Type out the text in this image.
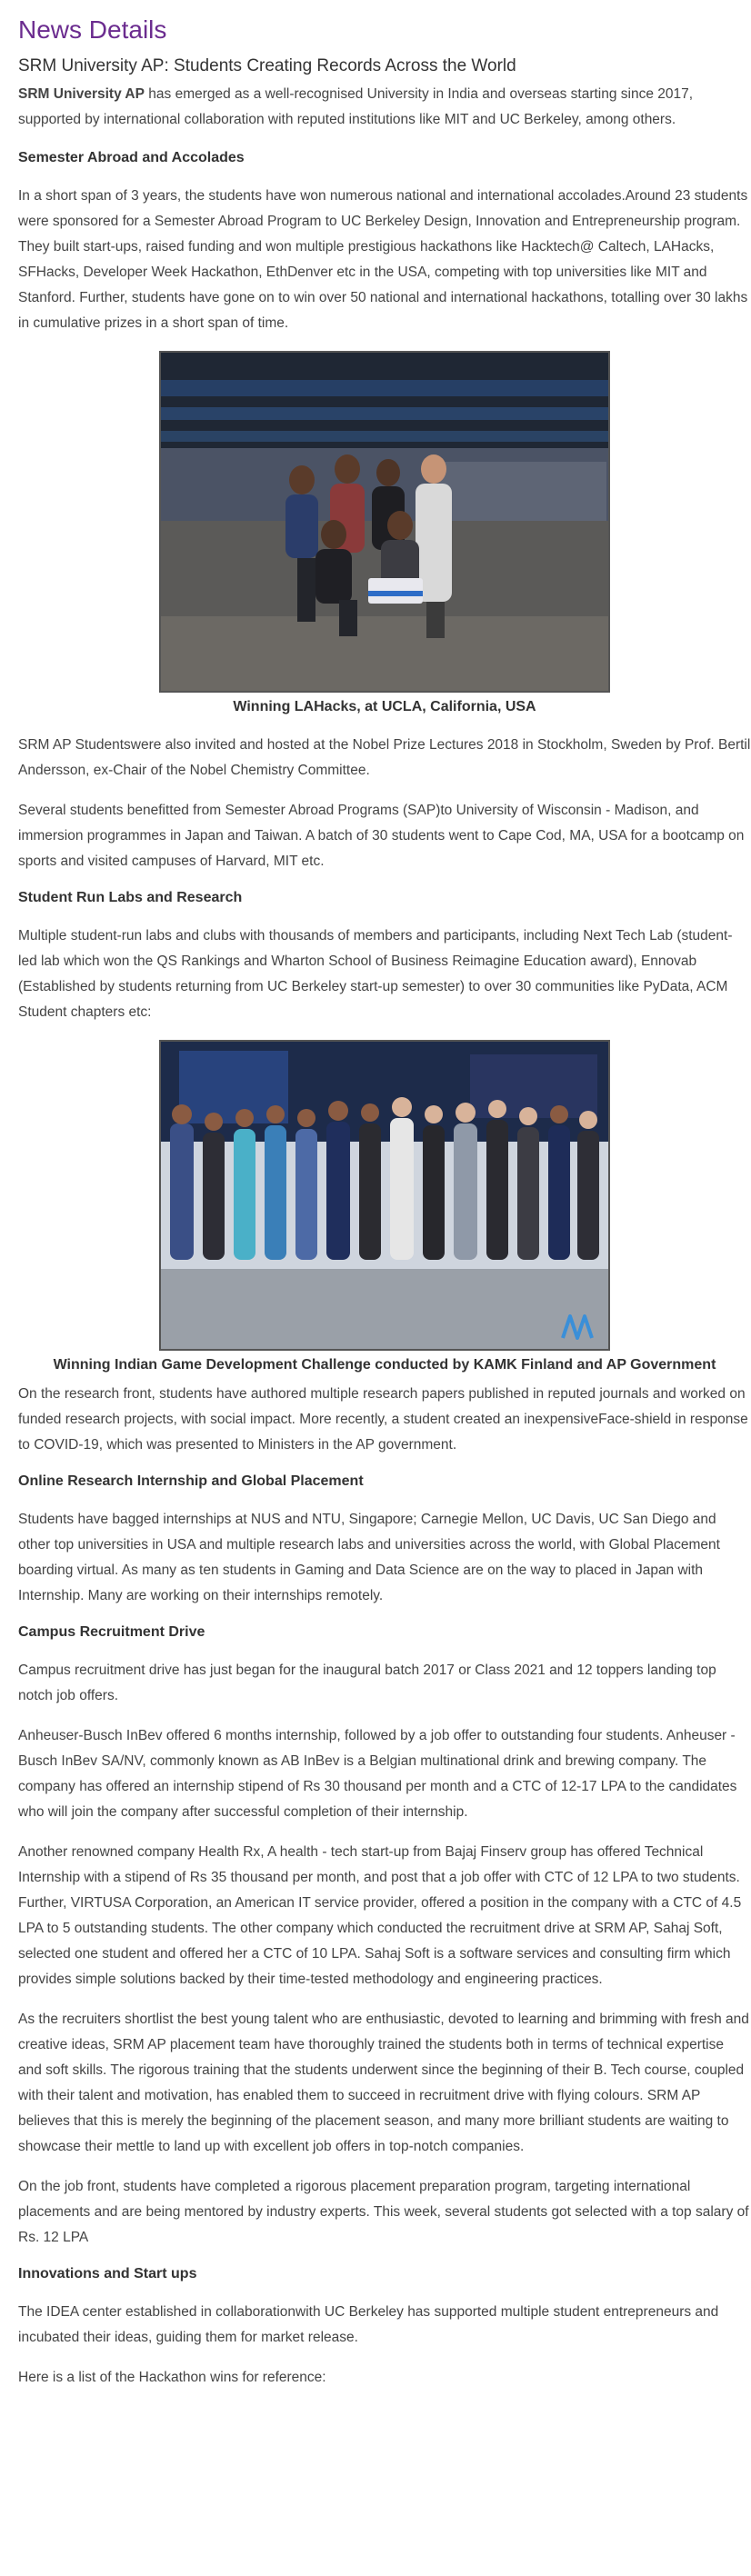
News Details
SRM University AP: Students Creating Records Across the World

SRM University AP has emerged as a well-recognised University in India and overseas starting since 2017, supported by international collaboration with reputed institutions like MIT and UC Berkeley, among others.

Semester Abroad and Accolades

In a short span of 3 years, the students have won numerous national and international accolades.Around 23 students were sponsored for a Semester Abroad Program to UC Berkeley Design, Innovation and Entrepreneurship program. They built start-ups, raised funding and won multiple prestigious hackathons like Hacktech@ Caltech, LAHacks, SFHacks, Developer Week Hackathon, EthDenver etc in the USA, competing with top universities like MIT and Stanford. Further, students have gone on to win over 50 national and international hackathons, totalling over 30 lakhs in cumulative prizes in a short span of time.

Winning LAHacks, at UCLA, California, USA

SRM AP Studentswere also invited and hosted at the Nobel Prize Lectures 2018 in Stockholm, Sweden by Prof. Bertil Andersson, ex-Chair of the Nobel Chemistry Committee.

Several students benefitted from Semester Abroad Programs (SAP)to University of Wisconsin - Madison, and immersion programmes in Japan and Taiwan. A batch of 30 students went to Cape Cod, MA, USA for a bootcamp on sports and visited campuses of Harvard, MIT etc.

Student Run Labs and Research

Multiple student-run labs and clubs with thousands of members and participants, including Next Tech Lab (student-led lab which won the QS Rankings and Wharton School of Business Reimagine Education award), Ennovab (Established by students returning from UC Berkeley start-up semester) to over 30 communities like PyData, ACM Student chapters etc:

Winning Indian Game Development Challenge conducted by KAMK Finland and AP Government

On the research front, students have authored multiple research papers published in reputed journals and worked on funded research projects, with social impact. More recently, a student created an inexpensiveFace-shield in response to COVID-19, which was presented to Ministers in the AP government.

Online Research Internship and Global Placement

Students have bagged internships at NUS and NTU, Singapore; Carnegie Mellon, UC Davis, UC San Diego and other top universities in USA and multiple research labs and universities across the world, with Global Placement boarding virtual. As many as ten students in Gaming and Data Science are on the way to placed in Japan with Internship. Many are working on their internships remotely.

Campus Recruitment Drive

Campus recruitment drive has just began for the inaugural batch 2017 or Class 2021 and 12 toppers landing top notch job offers.

Anheuser-Busch InBev offered 6 months internship, followed by a job offer to outstanding four students. Anheuser -Busch InBev SA/NV, commonly known as AB InBev is a Belgian multinational drink and brewing company. The company has offered an internship stipend of Rs 30 thousand per month and a CTC of 12-17 LPA to the candidates who will join the company after successful completion of their internship.

Another renowned company Health Rx, A health - tech start-up from Bajaj Finserv group has offered Technical Internship with a stipend of Rs 35 thousand per month, and post that a job offer with CTC of 12 LPA to two students. Further, VIRTUSA Corporation, an American IT service provider, offered a position in the company with a CTC of 4.5 LPA to 5 outstanding students. The other company which conducted the recruitment drive at SRM AP, Sahaj Soft, selected one student and offered her a CTC of 10 LPA. Sahaj Soft is a software services and consulting firm which provides simple solutions backed by their time-tested methodology and engineering practices.

As the recruiters shortlist the best young talent who are enthusiastic, devoted to learning and brimming with fresh and creative ideas, SRM AP placement team have thoroughly trained the students both in terms of technical expertise and soft skills. The rigorous training that the students underwent since the beginning of their B. Tech course, coupled with their talent and motivation, has enabled them to succeed in recruitment drive with flying colours. SRM AP believes that this is merely the beginning of the placement season, and many more brilliant students are waiting to showcase their mettle to land up with excellent job offers in top-notch companies.

On the job front, students have completed a rigorous placement preparation program, targeting international placements and are being mentored by industry experts. This week, several students got selected with a top salary of Rs. 12 LPA

Innovations and Start ups

The IDEA center established in collaborationwith UC Berkeley has supported multiple student entrepreneurs and incubated their ideas, guiding them for market release.

Here is a list of the Hackathon wins for reference:
